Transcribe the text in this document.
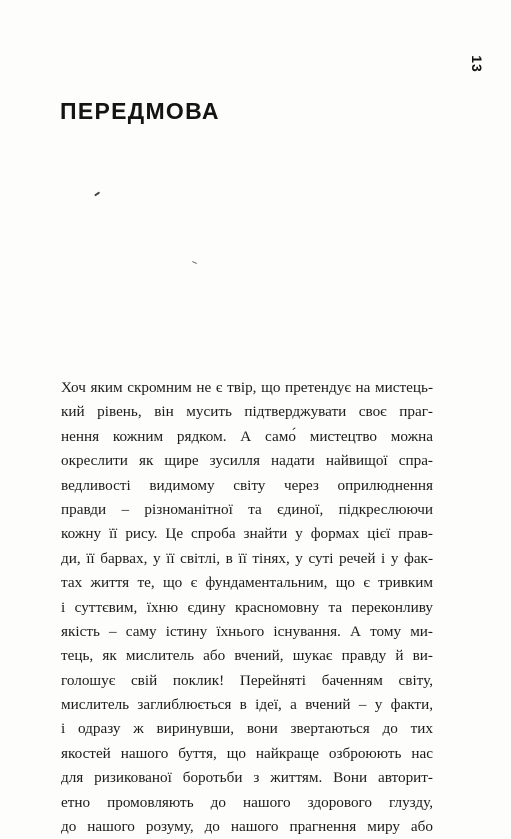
13
ПЕРЕДМОВА
Хоч яким скромним не є твір, що претендує на мистець-
кий рівень, він мусить підтверджувати своє праг-
нення кожним рядком. А само́ мистецтво можна
окреслити як щире зусилля надати найвищої спра-
ведливості видимому світу через оприлюднення
правди – різноманітної та єдиної, підкреслюючи
кожну її рису. Це спроба знайти у формах цієї прав-
ди, її барвах, у її світлі, в її тінях, у суті речей і у фак-
тах життя те, що є фундаментальним, що є тривким
і суттєвим, їхню єдину красномовну та переконливу
якість – саму істину їхнього існування. А тому ми-
тець, як мислитель або вчений, шукає правду й ви-
голошує свій поклик! Перейняті баченням світу,
мислитель заглиблюється в ідеї, а вчений – у факти,
і одразу ж виринувши, вони звертаються до тих
якостей нашого буття, що найкраще озброюють нас
для ризикованої боротьби з життям. Вони авторит-
етно промовляють до нашого здорового глузду,
до нашого розуму, до нашого прагнення миру або
